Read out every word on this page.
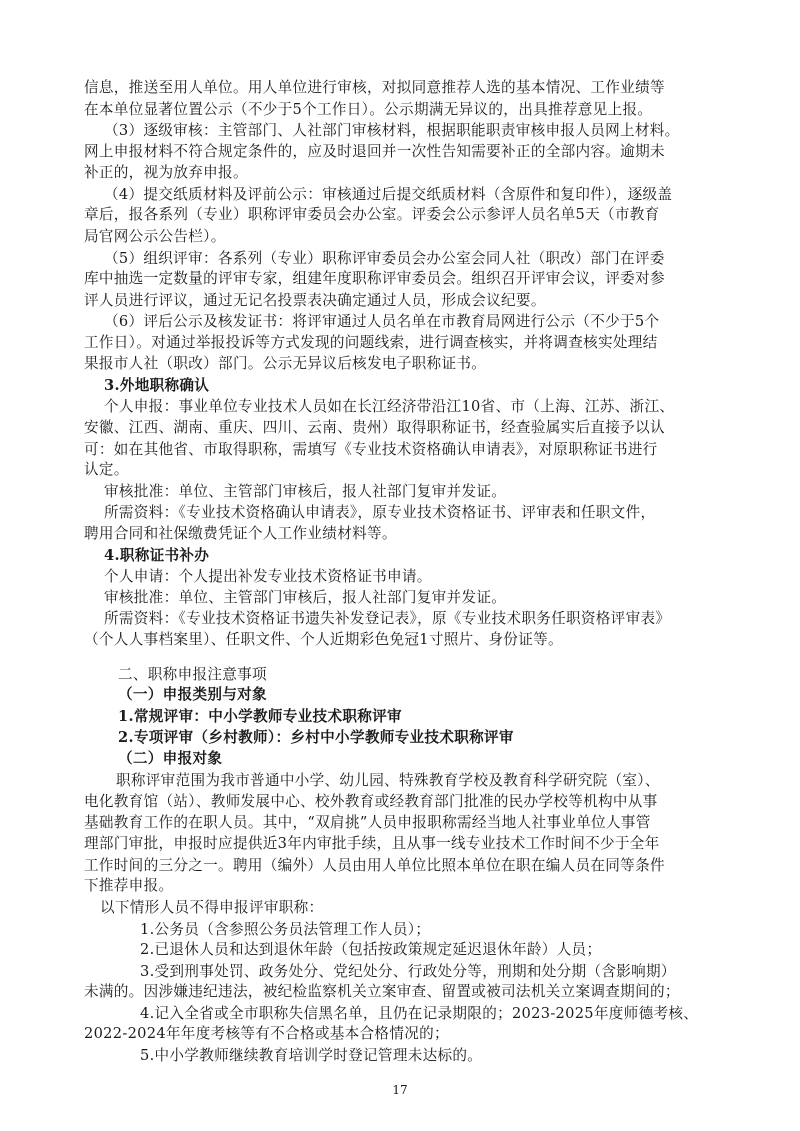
信息，推送至用人单位。用人单位进行审核，对拟同意推荐人选的基本情况、工作业绩等
在本单位显著位置公示（不少于5个工作日）。公示期满无异议的，出具推荐意见上报。
（3）逐级审核：主管部门、人社部门审核材料，根据职能职责审核申报人员网上材料。
网上申报材料不符合规定条件的，应及时退回并一次性告知需要补正的全部内容。逾期未
补正的，视为放弃申报。
（4）提交纸质材料及评前公示：审核通过后提交纸质材料（含原件和复印件），逐级盖
章后，报各系列（专业）职称评审委员会办公室。评委会公示参评人员名单5天（市教育
局官网公示公告栏）。
（5）组织评审：各系列（专业）职称评审委员会办公室会同人社（职改）部门在评委
库中抽选一定数量的评审专家，组建年度职称评审委员会。组织召开评审会议，评委对参
评人员进行评议，通过无记名投票表决确定通过人员，形成会议纪要。
（6）评后公示及核发证书：将评审通过人员名单在市教育局网进行公示（不少于5个
工作日）。对通过举报投诉等方式发现的问题线索，进行调查核实，并将调查核实处理结
果报市人社（职改）部门。公示无异议后核发电子职称证书。
3.外地职称确认
个人申报：事业单位专业技术人员如在长江经济带沿江10省、市（上海、江苏、浙江、
安徽、江西、湖南、重庆、四川、云南、贵州）取得职称证书，经查验属实后直接予以认
可：如在其他省、市取得职称，需填写《专业技术资格确认申请表》，对原职称证书进行
认定。
审核批准：单位、主管部门审核后，报人社部门复审并发证。
所需资料：《专业技术资格确认申请表》，原专业技术资格证书、评审表和任职文件，
聘用合同和社保缴费凭证个人工作业绩材料等。
4.职称证书补办
个人申请：个人提出补发专业技术资格证书申请。
审核批准：单位、主管部门审核后，报人社部门复审并发证。
所需资料：《专业技术资格证书遗失补发登记表》，原《专业技术职务任职资格评审表》
（个人人事档案里）、任职文件、个人近期彩色免冠1寸照片、身份证等。
二、职称申报注意事项
（一）申报类别与对象
1.常规评审：中小学教师专业技术职称评审
2.专项评审（乡村教师）：乡村中小学教师专业技术职称评审
（二）申报对象
职称评审范围为我市普通中小学、幼儿园、特殊教育学校及教育科学研究院（室）、
电化教育馆（站）、教师发展中心、校外教育或经教育部门批准的民办学校等机构中从事
基础教育工作的在职人员。其中，“双肩挑”人员申报职称需经当地人社事业单位人事管
理部门审批，申报时应提供近3年内审批手续，且从事一线专业技术工作时间不少于全年
工作时间的三分之一。聘用（编外）人员由用人单位比照本单位在职在编人员在同等条件
下推荐申报。
以下情形人员不得申报评审职称：
1.公务员（含参照公务员法管理工作人员）；
2.已退休人员和达到退休年龄（包括按政策规定延迟退休年龄）人员；
3.受到刑事处罚、政务处分、党纪处分、行政处分等，刑期和处分期（含影响期）
未满的。因涉嫌违纪违法，被纪检监察机关立案审查、留置或被司法机关立案调查期间的；
4.记入全省或全市职称失信黑名单，且仍在记录期限的；2023-2025年度师德考核、
2022-2024年年度考核等有不合格或基本合格情况的；
5.中小学教师继续教育培训学时登记管理未达标的。
17
